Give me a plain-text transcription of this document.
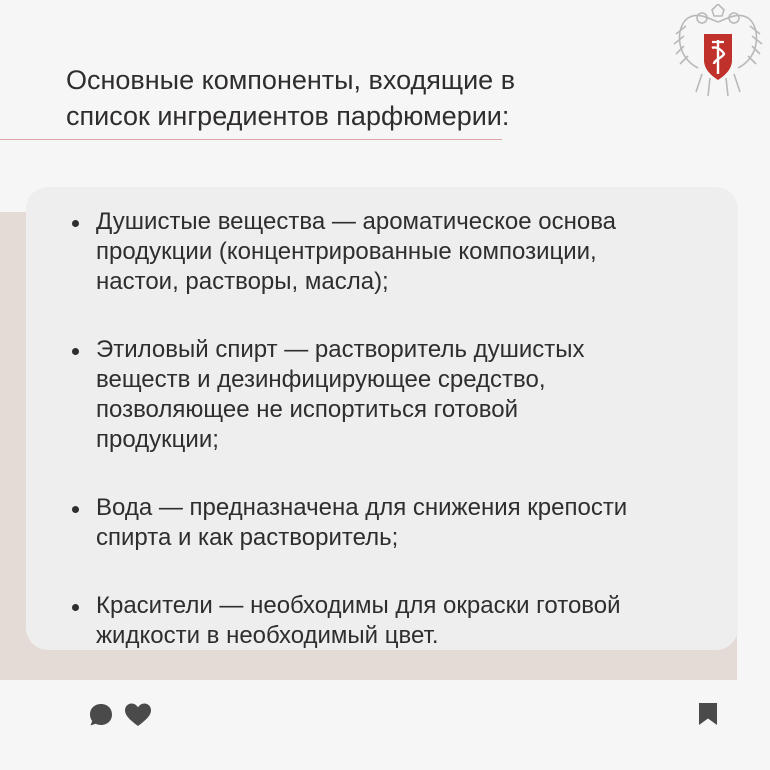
Основные компоненты, входящие в
список ингредиентов парфюмерии:
Душистые вещества — ароматическое основа
продукции (концентрированные композиции,
настои, растворы, масла);
Этиловый спирт — растворитель душистых
веществ и дезинфицирующее средство,
позволяющее не испортиться готовой
продукции;
Вода — предназначена для снижения крепости
спирта и как растворитель;
Красители — необходимы для окраски готовой
жидкости в необходимый цвет.
